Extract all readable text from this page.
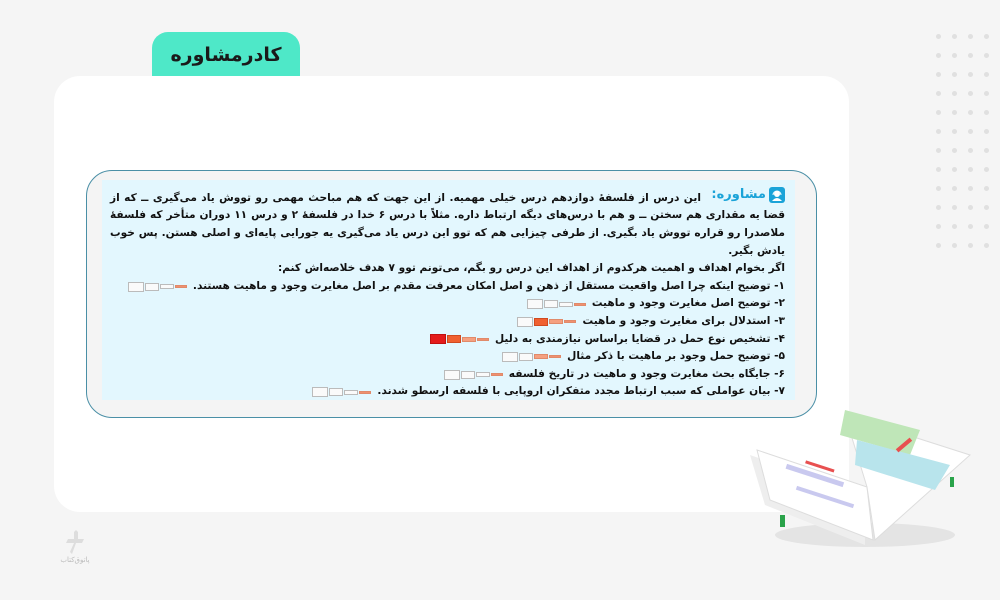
کادرمشاوره
مشاوره:
این درس از فلسفهٔ دوازدهم درس خیلی مهمیه. از این جهت که هم مباحث مهمی رو تووش یاد می‌گیری ــ که از قضا یه مقداری هم سختن ــ و هم با درس‌های دیگه ارتباط داره. مثلاً با درس ۶ خدا در فلسفهٔ ۲ و درس ۱۱ دوران متأخر که فلسفهٔ ملاصدرا رو قراره تووش یاد بگیری. از طرفی چیزایی هم که توو این درس یاد می‌گیری یه جورایی پایه‌ای و اصلی هستن. پس خوب یادش بگیر.
اگر بخوام اهداف و اهمیت هرکدوم از اهداف این درس رو بگم، می‌تونم توو ۷ هدف خلاصه‌اش کنم:
۱- توضیح اینکه چرا اصل واقعیت مستقل از ذهن و اصل امکان معرفت مقدم بر اصل مغایرت وجود و ماهیت هستند.
۲- توضیح اصل مغایرت وجود و ماهیت
۳- استدلال برای مغایرت وجود و ماهیت
۴- تشخیص نوع حمل در قضایا براساس نیازمندی به دلیل
۵- توضیح حمل وجود بر ماهیت با ذکر مثال
۶- جایگاه بحث مغایرت وجود و ماهیت در تاریخ فلسفه
۷- بیان عواملی که سبب ارتباط مجدد متفکران اروپایی با فلسفه ارسطو شدند.
پاتوق‌کتاب
